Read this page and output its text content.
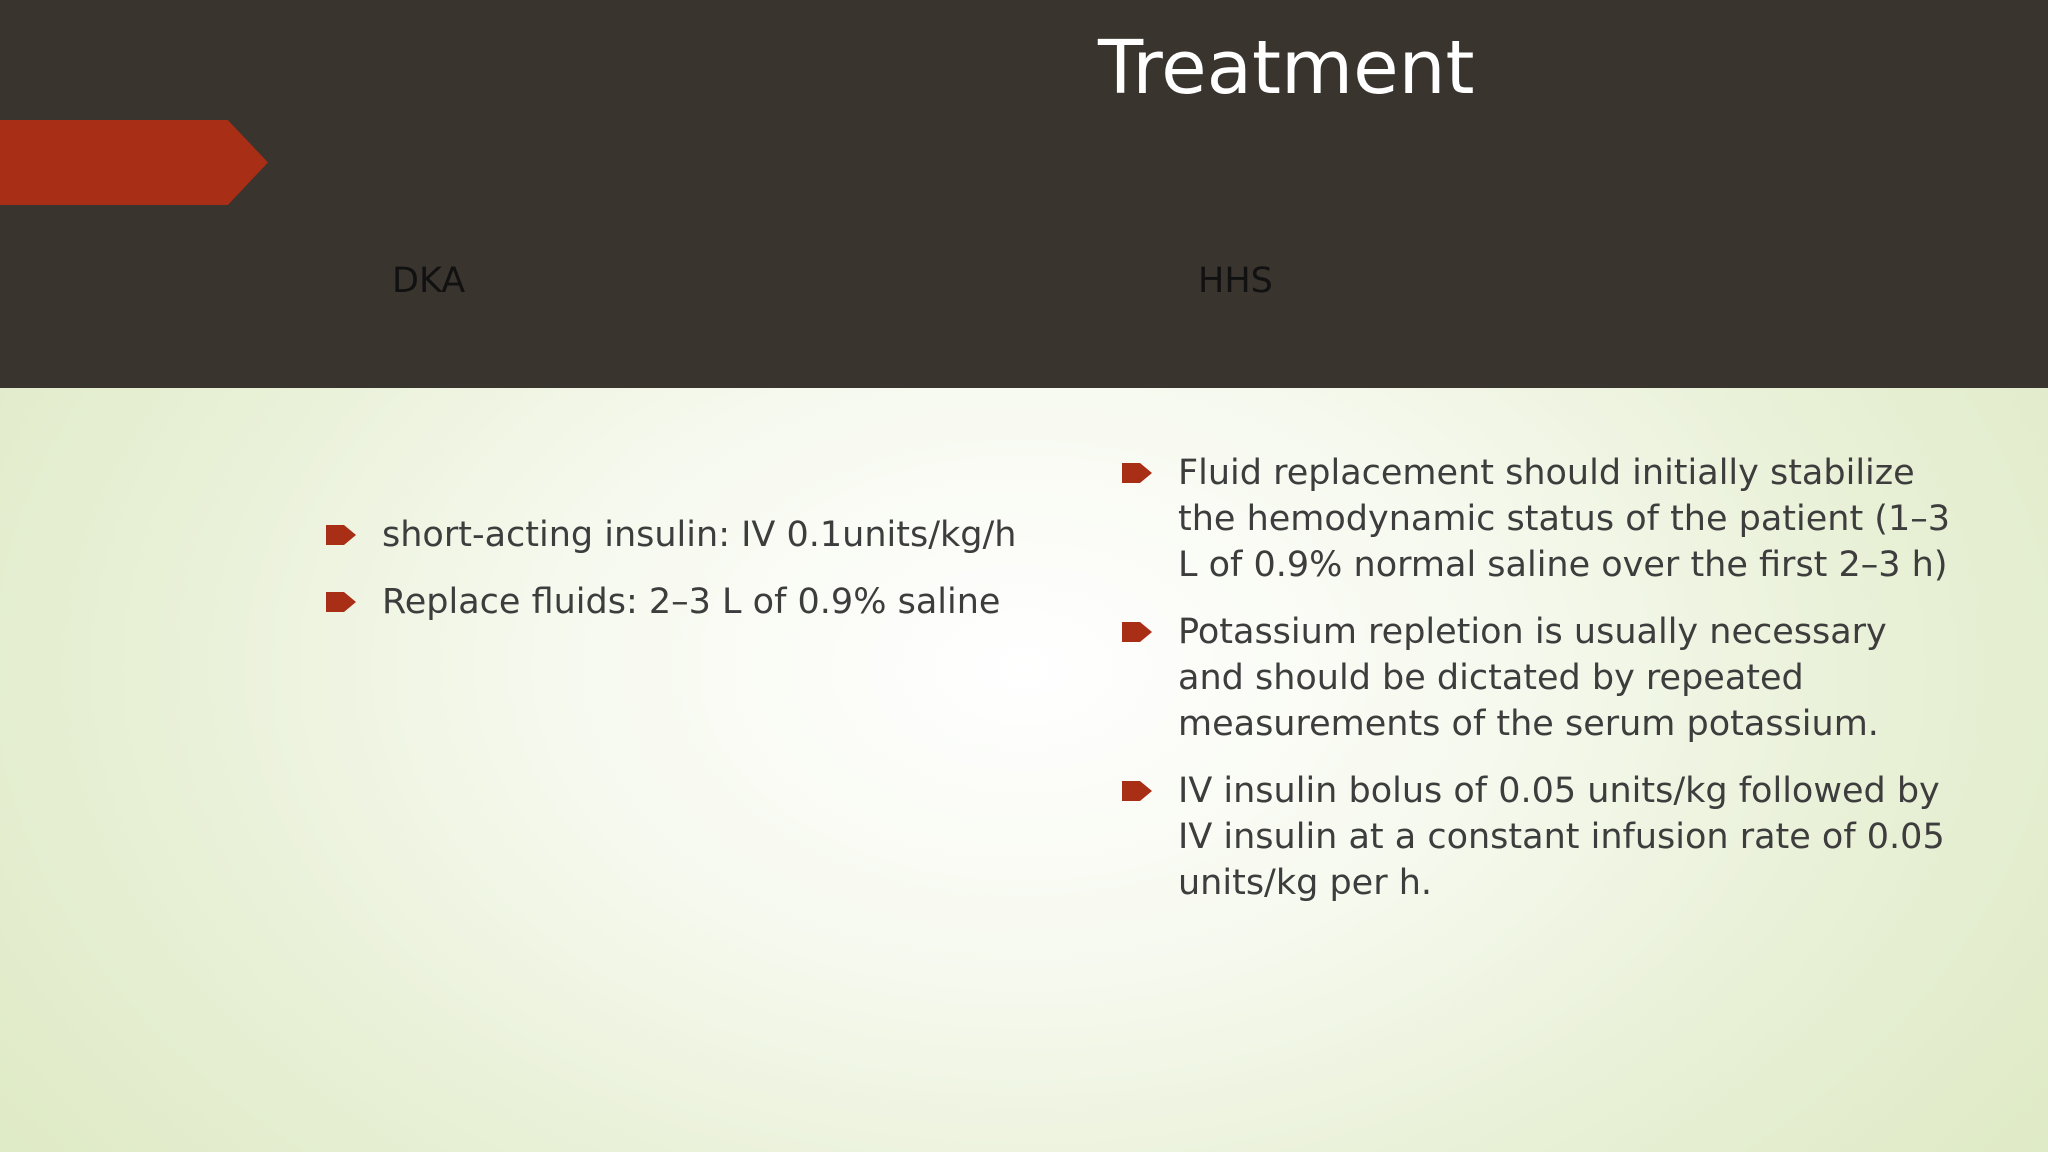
Treatment
DKA	HHS
short-acting insulin: IV 0.1units/kg/h
Replace fluids: 2–3 L of 0.9% saline
Fluid replacement should initially stabilize the hemodynamic status of the patient (1–3 L of 0.9% normal saline over the first 2–3 h)
Potassium repletion is usually necessary and should be dictated by repeated measurements of the serum potassium.
IV insulin bolus of 0.05 units/kg followed by IV insulin at a constant infusion rate of 0.05 units/kg per h.
